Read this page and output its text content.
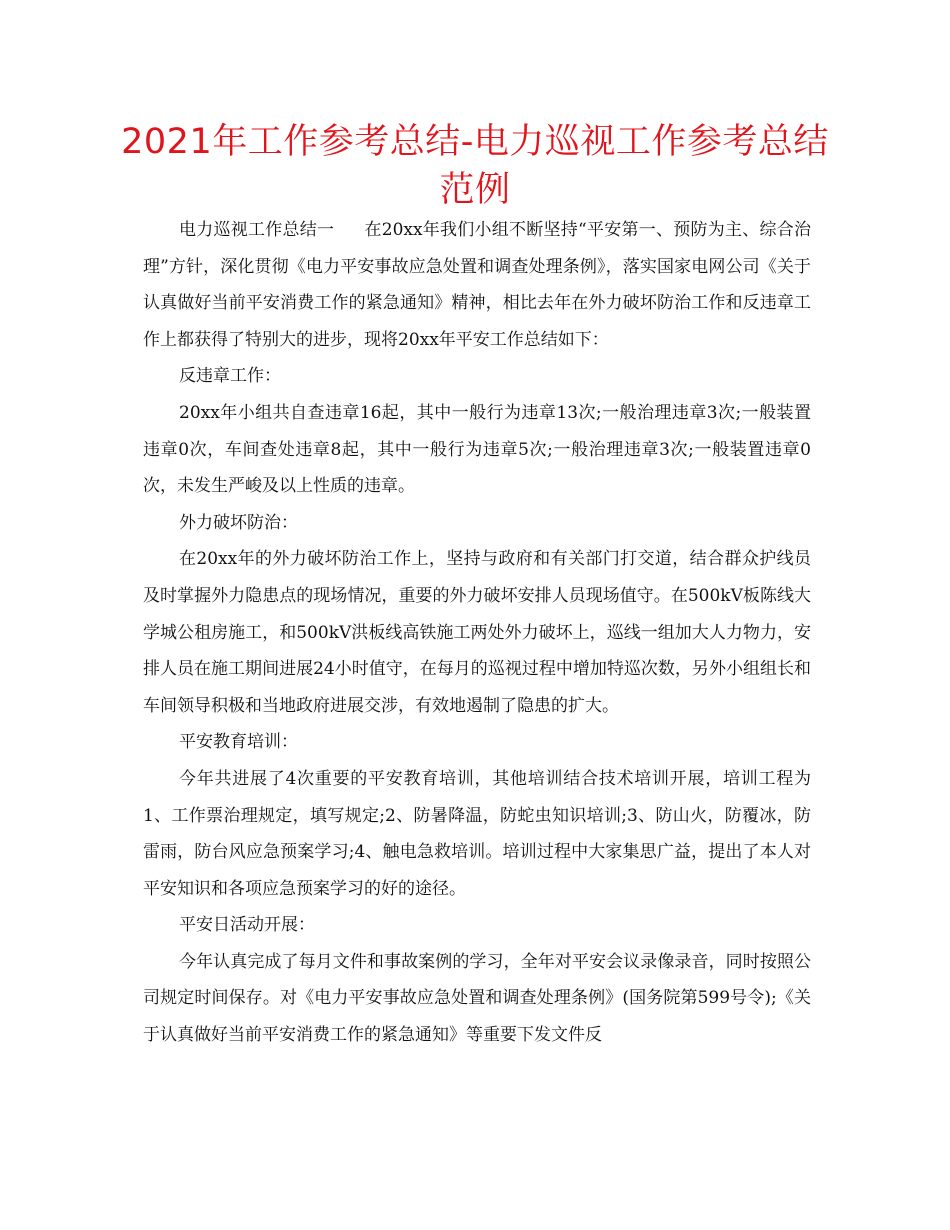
2021年工作参考总结-电力巡视工作参考总结范例

电力巡视工作总结一 在20xx年我们小组不断坚持“平安第一、预防为主、综合治理”方针，深化贯彻《电力平安事故应急处置和调查处理条例》，落实国家电网公司《关于认真做好当前平安消费工作的紧急通知》精神，相比去年在外力破坏防治工作和反违章工作上都获得了特别大的进步，现将20xx年平安工作总结如下：

反违章工作：

20xx年小组共自查违章16起，其中一般行为违章13次;一般治理违章3次;一般装置违章0次，车间查处违章8起，其中一般行为违章5次;一般治理违章3次;一般装置违章0次，未发生严峻及以上性质的违章。

外力破坏防治：

在20xx年的外力破坏防治工作上，坚持与政府和有关部门打交道，结合群众护线员及时掌握外力隐患点的现场情况，重要的外力破坏安排人员现场值守。在500kV板陈线大学城公租房施工，和500kV洪板线高铁施工两处外力破坏上，巡线一组加大人力物力，安排人员在施工期间进展24小时值守，在每月的巡视过程中增加特巡次数，另外小组组长和车间领导积极和当地政府进展交涉，有效地遏制了隐患的扩大。

平安教育培训：

今年共进展了4次重要的平安教育培训，其他培训结合技术培训开展，培训工程为1、工作票治理规定，填写规定;2、防暑降温，防蛇虫知识培训;3、防山火，防覆冰，防雷雨，防台风应急预案学习;4、触电急救培训。培训过程中大家集思广益，提出了本人对平安知识和各项应急预案学习的好的途径。

平安日活动开展：

今年认真完成了每月文件和事故案例的学习，全年对平安会议录像录音，同时按照公司规定时间保存。对《电力平安事故应急处置和调查处理条例》(国务院第599号令);《关于认真做好当前平安消费工作的紧急通知》等重要下发文件反
